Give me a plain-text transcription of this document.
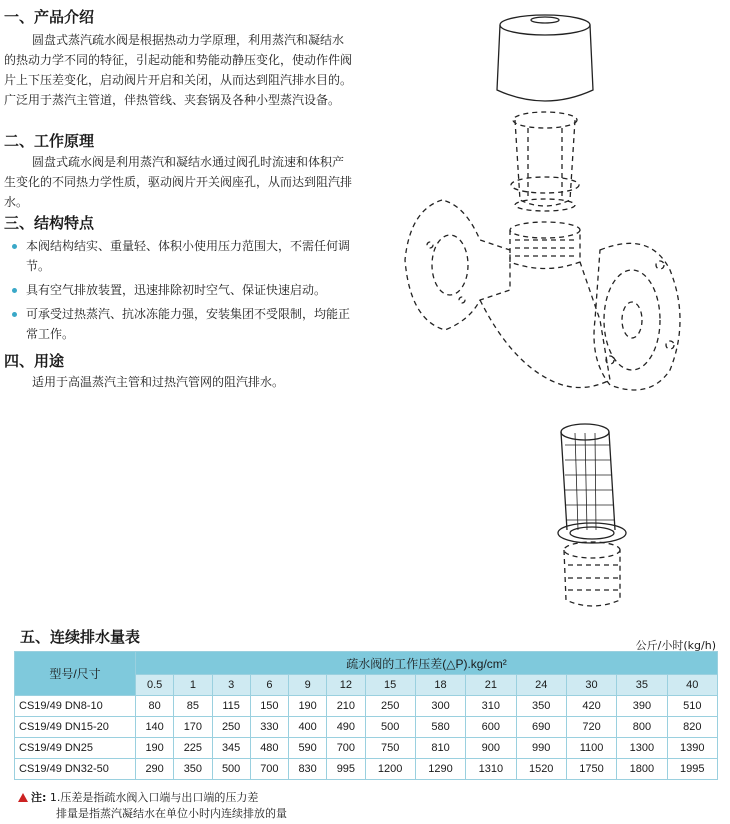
一、产品介绍

圆盘式蒸汽疏水阀是根据热动力学原理，利用蒸汽和凝结水的热动力学不同的特征，引起动能和势能动静压变化，使动作件阀片上下压差变化，启动阀片开启和关闭，从而达到阻汽排水目的。广泛用于蒸汽主管道，伴热管线、夹套锅及各种小型蒸汽设备。

二、工作原理

圆盘式疏水阀是利用蒸汽和凝结水通过阀孔时流速和体积产生变化的不同热力学性质，驱动阀片开关阀座孔，从而达到阻汽排水。

三、结构特点
本阀结构结实、重量轻、体积小使用压力范围大，不需任何调节。
具有空气排放装置，迅速排除初时空气、保证快速启动。
可承受过热蒸汽、抗冰冻能力强，安装集团不受限制，均能正常工作。
四、用途

适用于高温蒸汽主管和过热汽管网的阻汽排水。

五、连续排水量表	公斤/小时(kg/h)
型号/尺寸	疏水阀的工作压差(△P).kg/cm²												
	0.5	1	3	6	9	12	15	18	21	24	30	35	40
CS19/49 DN8-10	80	85	115	150	190	210	250	300	310	350	420	390	510
CS19/49 DN15-20	140	170	250	330	400	490	500	580	600	690	720	800	820
CS19/49 DN25	190	225	345	480	590	700	750	810	900	990	1100	1300	1390
CS19/49 DN32-50	290	350	500	700	830	995	1200	1290	1310	1520	1750	1800	1995
注: 1.压差是指疏水阀入口端与出口端的压力差
排量是指蒸汽凝结水在单位小时内连续排放的量
